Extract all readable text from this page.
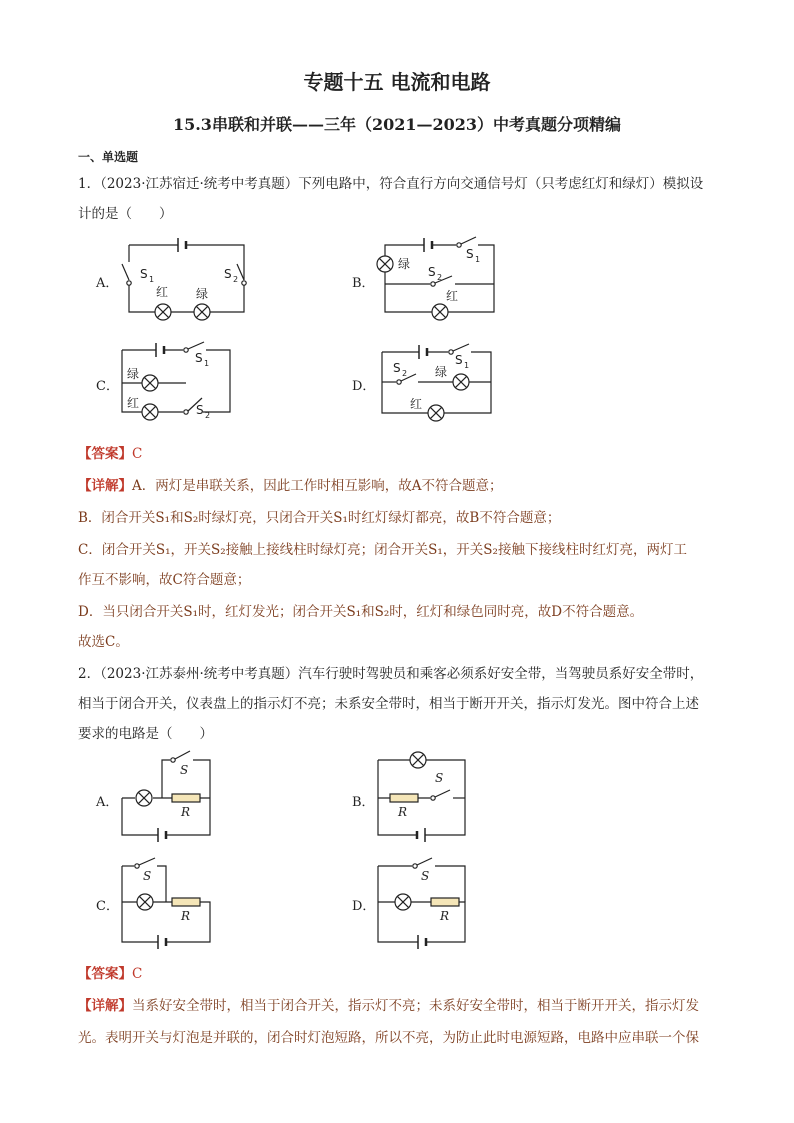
专题十五 电流和电路
15.3串联和并联——三年（2021—2023）中考真题分项精编
一、单选题
1．（2023·江苏宿迁·统考中考真题）下列电路中，符合直行方向交通信号灯（只考虑红灯和绿灯）模拟设
计的是（　　）
A．	B．
C．	D．
S 1
红 绿
S 2
绿
S 1
S 2
红
S 1
绿
红	S 2
S 1
S 2 绿
红
S
R
S
R
S
R
S
R
【答案】C
【详解】A．两灯是串联关系，因此工作时相互影响，故A不符合题意；
B．闭合开关S₁和S₂时绿灯亮，只闭合开关S₁时红灯绿灯都亮，故B不符合题意；
C．闭合开关S₁，开关S₂接触上接线柱时绿灯亮；闭合开关S₁，开关S₂接触下接线柱时红灯亮，两灯工
作互不影响，故C符合题意；
D．当只闭合开关S₁时，红灯发光；闭合开关S₁和S₂时，红灯和绿色同时亮，故D不符合题意。
故选C。
2．（2023·江苏泰州·统考中考真题）汽车行驶时驾驶员和乘客必须系好安全带，当驾驶员系好安全带时，
相当于闭合开关，仪表盘上的指示灯不亮；未系安全带时，相当于断开开关，指示灯发光。图中符合上述
要求的电路是（　　）
A．	B．
C．	D．
【答案】C
【详解】当系好安全带时，相当于闭合开关，指示灯不亮；未系好安全带时，相当于断开开关，指示灯发
光。表明开关与灯泡是并联的，闭合时灯泡短路，所以不亮，为防止此时电源短路，电路中应串联一个保
